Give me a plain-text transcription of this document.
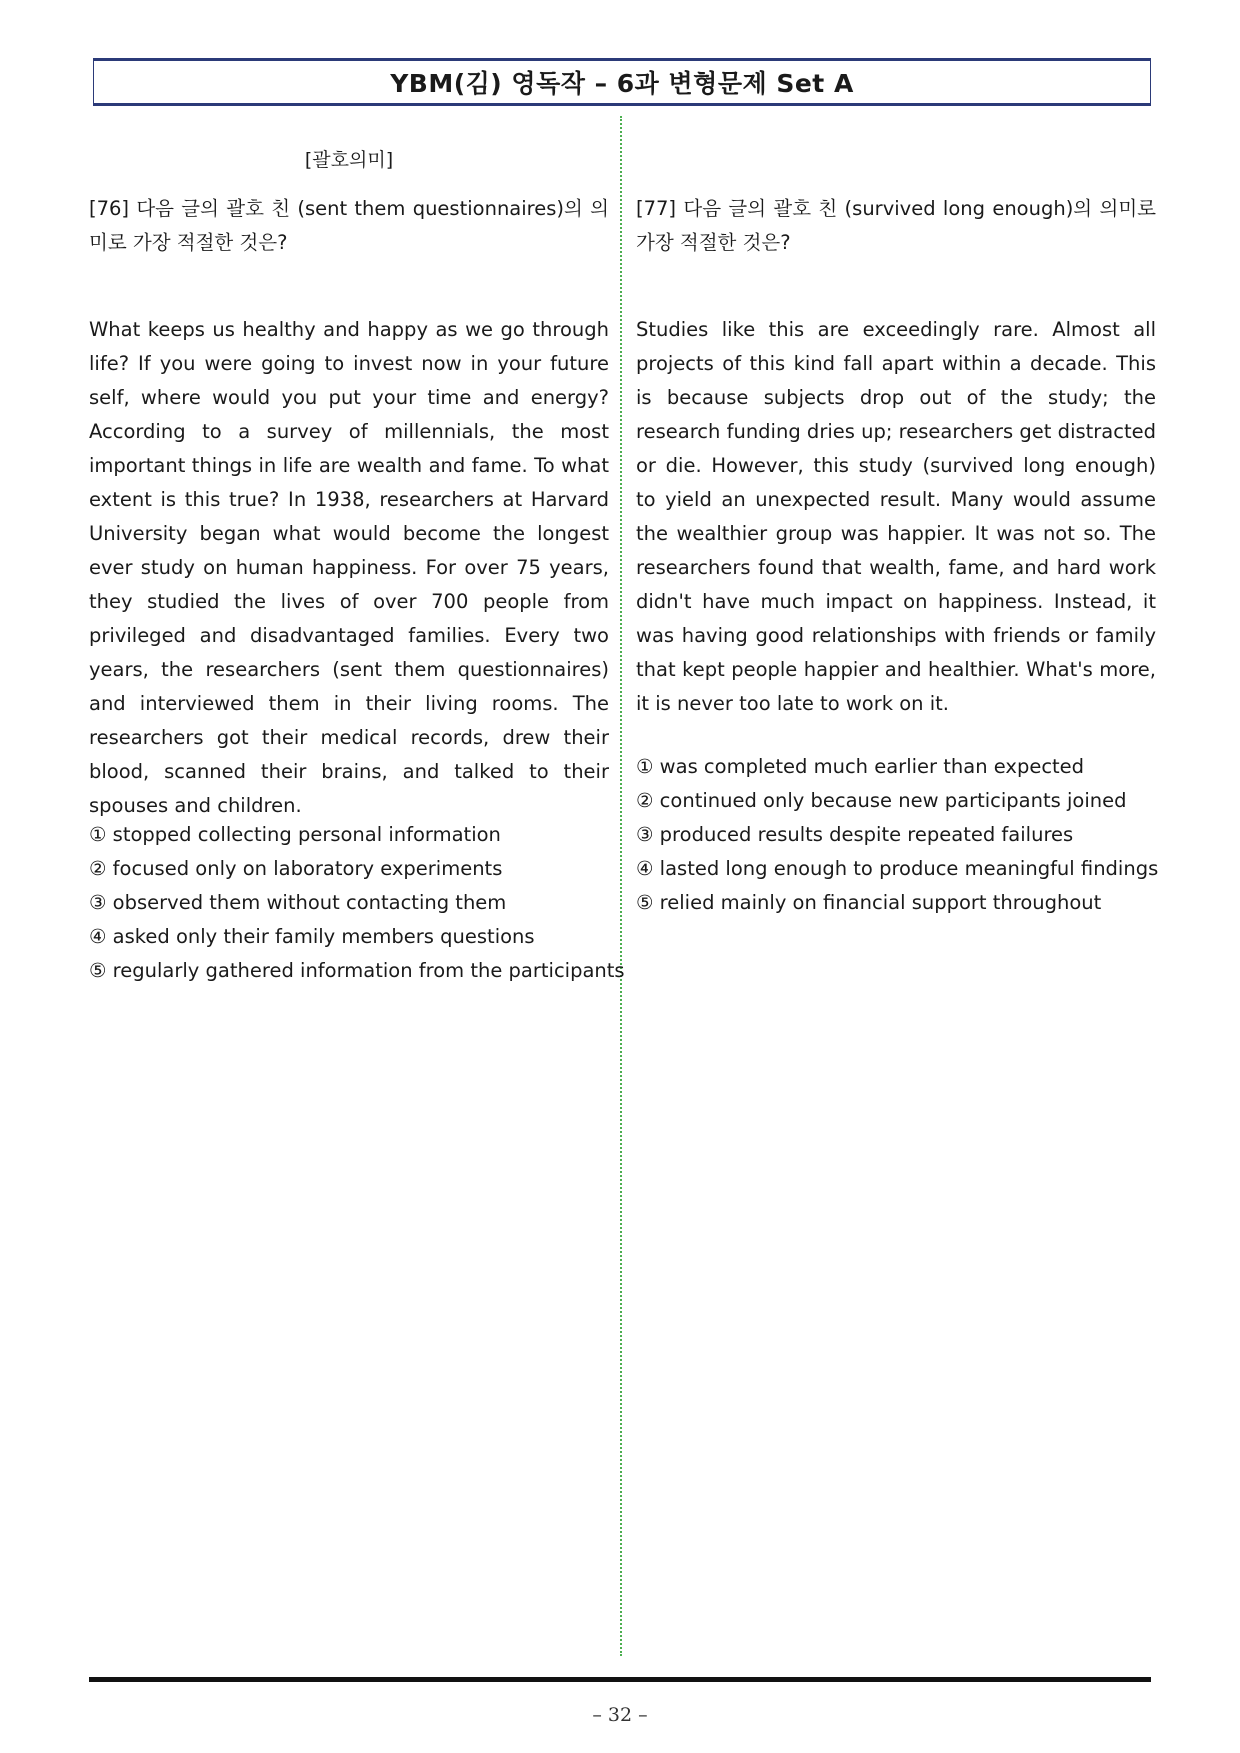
YBM(김) 영독작 – 6과 변형문제 Set A
[괄호의미]
[76] 다음 글의 괄호 친 (sent them questionnaires)의 의미로 가장 적절한 것은?
What keeps us healthy and happy as we go through life? If you were going to invest now in your future self, where would you put your time and energy? According to a survey of millennials, the most important things in life are wealth and fame. To what extent is this true? In 1938, researchers at Harvard University began what would become the longest ever study on human happiness. For over 75 years, they studied the lives of over 700 people from privileged and disadvantaged families. Every two years, the researchers (sent them questionnaires) and interviewed them in their living rooms. The researchers got their medical records, drew their blood, scanned their brains, and talked to their spouses and children.
① stopped collecting personal information
② focused only on laboratory experiments
③ observed them without contacting them
④ asked only their family members questions
⑤ regularly gathered information from the participants
[77] 다음 글의 괄호 친 (survived long enough)의 의미로 가장 적절한 것은?
Studies like this are exceedingly rare. Almost all projects of this kind fall apart within a decade. This is because subjects drop out of the study; the research funding dries up; researchers get distracted or die. However, this study (survived long enough) to yield an unexpected result. Many would assume the wealthier group was happier. It was not so. The researchers found that wealth, fame, and hard work didn't have much impact on happiness. Instead, it was having good relationships with friends or family that kept people happier and healthier. What's more, it is never too late to work on it.
① was completed much earlier than expected
② continued only because new participants joined
③ produced results despite repeated failures
④ lasted long enough to produce meaningful findings
⑤ relied mainly on financial support throughout
– 32 –
